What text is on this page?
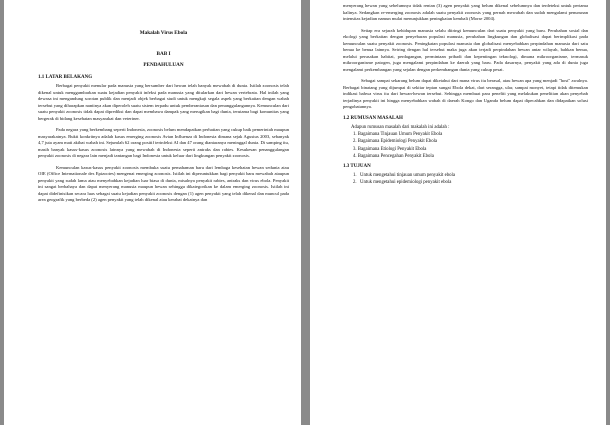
Makalah Virus Ebola
BAB I
PENDAHULUAN
1.1 LATAR BELAKANG

Berbagai penyakit menular pada manusia yang bersumber dari hewan telah banyak mewabah di dunia. Istilah zoonosis telah dikenal untuk menggambarkan suatu kejadian penyakit infeksi pada manusia yang ditularkan dari hewan vertebrata. Hal inilah yang dewasa ini mengandung sorotan publik dan menjadi objek berbagai studi untuk mengkaji segala aspek yang berkaitan dengan wabah tersebut yang diharapkan nantinya akan diperoleh suatu sistem terpadu untuk pemberantasan dan penanggulangannya. Kemunculan dari suatu penyakit zoonosis tidak dapat diprediksi dan dapat membawa dampak yang merugikan bagi dunia, terutama bagi komunitas yang bergerak di bidang kesehatan masyarakat dan veteriner.

Pada negara yang berkembang seperti Indonesia, zoonosis belum mendapatkan perhatian yang cukup baik pemerintah maupun masyarakatnya. Bukti konkritnya adalah kasus emerging zoonosis Avian Influenza di Indonesia dimana sejak Agustus 2003, sebanyak 4,7 juta ayam mati akibat wabah ini. Sejumlah 62 orang positif terinfeksi AI dan 47 orang diantaranya meninggal dunia. Di samping itu, masih banyak kasus-kasus zoonosis lainnya yang mewabah di Indonesia seperti antraks dan rabies. Kesukesan penanggulangan penyakit zoonosis di negara lain menjadi tantangan bagi Indonesia untuk keluar dari lingkungan penyakit zoonosis.

Kemunculan kasus-kasus penyakit zoonosis membuka suatu pemahaman baru dari lembaga kesehatan hewan sedunia atau OIE (Office Internationale des Epizootes) mengenai emerging zoonosis. Istilah ini diperuntukkan bagi penyakit baru mewabah ataupun penyakit yang sudah lama atau menyebabkan kejadian luar biasa di dunia, misalnya penyakit rabies, antraks dan virus ebola. Penyakit ini sangat berbahaya dan dapat menyerang manusia maupun hewan sehingga dikategorikan ke dalam emerging zoonosis. Istilah ini dapat didefinisikan secara luas sebagai suatu kejadian penyakit zoonosis dengan (1) agen penyakit yang telah dikenal dan muncul pada area geografik yang berbeda (2) agen penyakit yang telah dikenal atau kerabat dekatnya dan

menyerang hewan yang sebelumnya tidak rentan (3) agen penyakit yang belum dikenal sebelumnya dan terdeteksi untuk pertama kalinya. Sedangkan re-emerging zoonosis adalah suatu penyakit zoonosis yang pernah mewabah dan sudah mengalami penurunan intensitas kejadian namun mulai menunjukkan peningkatan kembali (Morse 2004).

Setiap era sejarah kehidupan manusia selalu diiringi kemunculan dari suatu penyakit yang baru. Perubahan sosial dan ekologi yang berkaitan dengan penyebaran populasi manusia, perubahan lingkungan dan globalisasi dapat berimplikasi pada kemunculan suatu penyakit zoonosis. Peningkatan populasi manusia dan globalisasi menyebabkan perpindahan manusia dari satu benua ke benua lainnya. Seiring dengan hal tersebut maka juga akan terjadi perpindahan hewan antar wilayah, bahkan benua, melalui perusakan habitat, perdagangan, permintaan pribadi dan kepentingan teknologi, dimana mikroorganisme, termasuk mikroorganisme patogen, juga mengalami perpindahan ke daerah yang baru. Pada dasarnya, penyakit yang ada di dunia juga mengalami perkembangan yang sejalan dengan perkembangan dunia yang cukup pesat.

Sebagai sampai sekarang belum dapat diketahui dari mana virus itu berasal, atau hewan apa yang menjadi "host" awalnya. Berbagai binatang yang dijumpai di sekitar tepian sungai Ebola dekat, dari serangga, ular, sampai monyet, tetapi tidak ditemukan indikasi bahwa virus itu dari hewan-hewan tersebut. Sehingga membuat para peneliti yang melakukan penelitian akan penyebab terjadinya penyakit ini hingga menyebabkan wabah di daerah Kongo dan Uganda belum dapat dipecahkan dan didapatkan solusi pengobatannya.

1.2 RUMUSAN MASALAH

Adapun rumusan masalah dari makalah ini adalah :

1. Bagaimana Tinjauan Umum Penyakit Ebola
2. Bagaimana Epidemiologi Penyakit Ebola
3. Bagaimana Etiologi Penyakit Ebola
4. Bagaimana Pencegahan Penyakit Ebola
1.3 TUJUAN
1. Untuk mengetahui tinjauan umum penyakit ebola
2. Untuk mengetahui epidemiologi penyakit ebola
